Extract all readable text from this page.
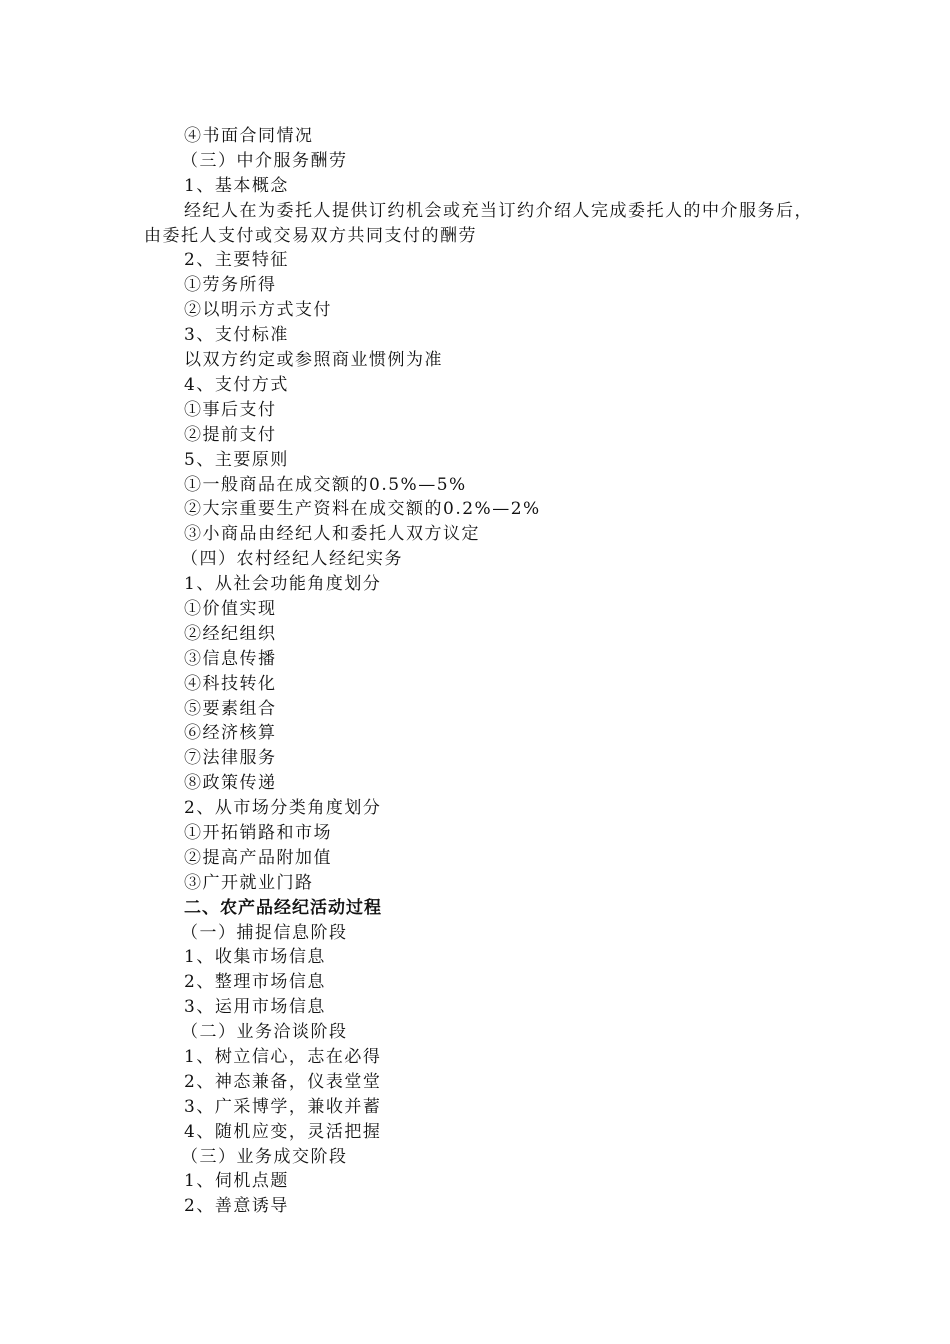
④书面合同情况
（三）中介服务酬劳
1、基本概念
经纪人在为委托人提供订约机会或充当订约介绍人完成委托人的中介服务后，由委托人支付或交易双方共同支付的酬劳
2、主要特征
①劳务所得
②以明示方式支付
3、支付标准
以双方约定或参照商业惯例为准
4、支付方式
①事后支付
②提前支付
5、主要原则
①一般商品在成交额的0.5%—5%
②大宗重要生产资料在成交额的0.2%—2%
③小商品由经纪人和委托人双方议定
（四）农村经纪人经纪实务
1、从社会功能角度划分
①价值实现
②经纪组织
③信息传播
④科技转化
⑤要素组合
⑥经济核算
⑦法律服务
⑧政策传递
2、从市场分类角度划分
①开拓销路和市场
②提高产品附加值
③广开就业门路
二、农产品经纪活动过程
（一）捕捉信息阶段
1、收集市场信息
2、整理市场信息
3、运用市场信息
（二）业务洽谈阶段
1、树立信心，志在必得
2、神态兼备，仪表堂堂
3、广采博学，兼收并蓄
4、随机应变，灵活把握
（三）业务成交阶段
1、伺机点题
2、善意诱导
